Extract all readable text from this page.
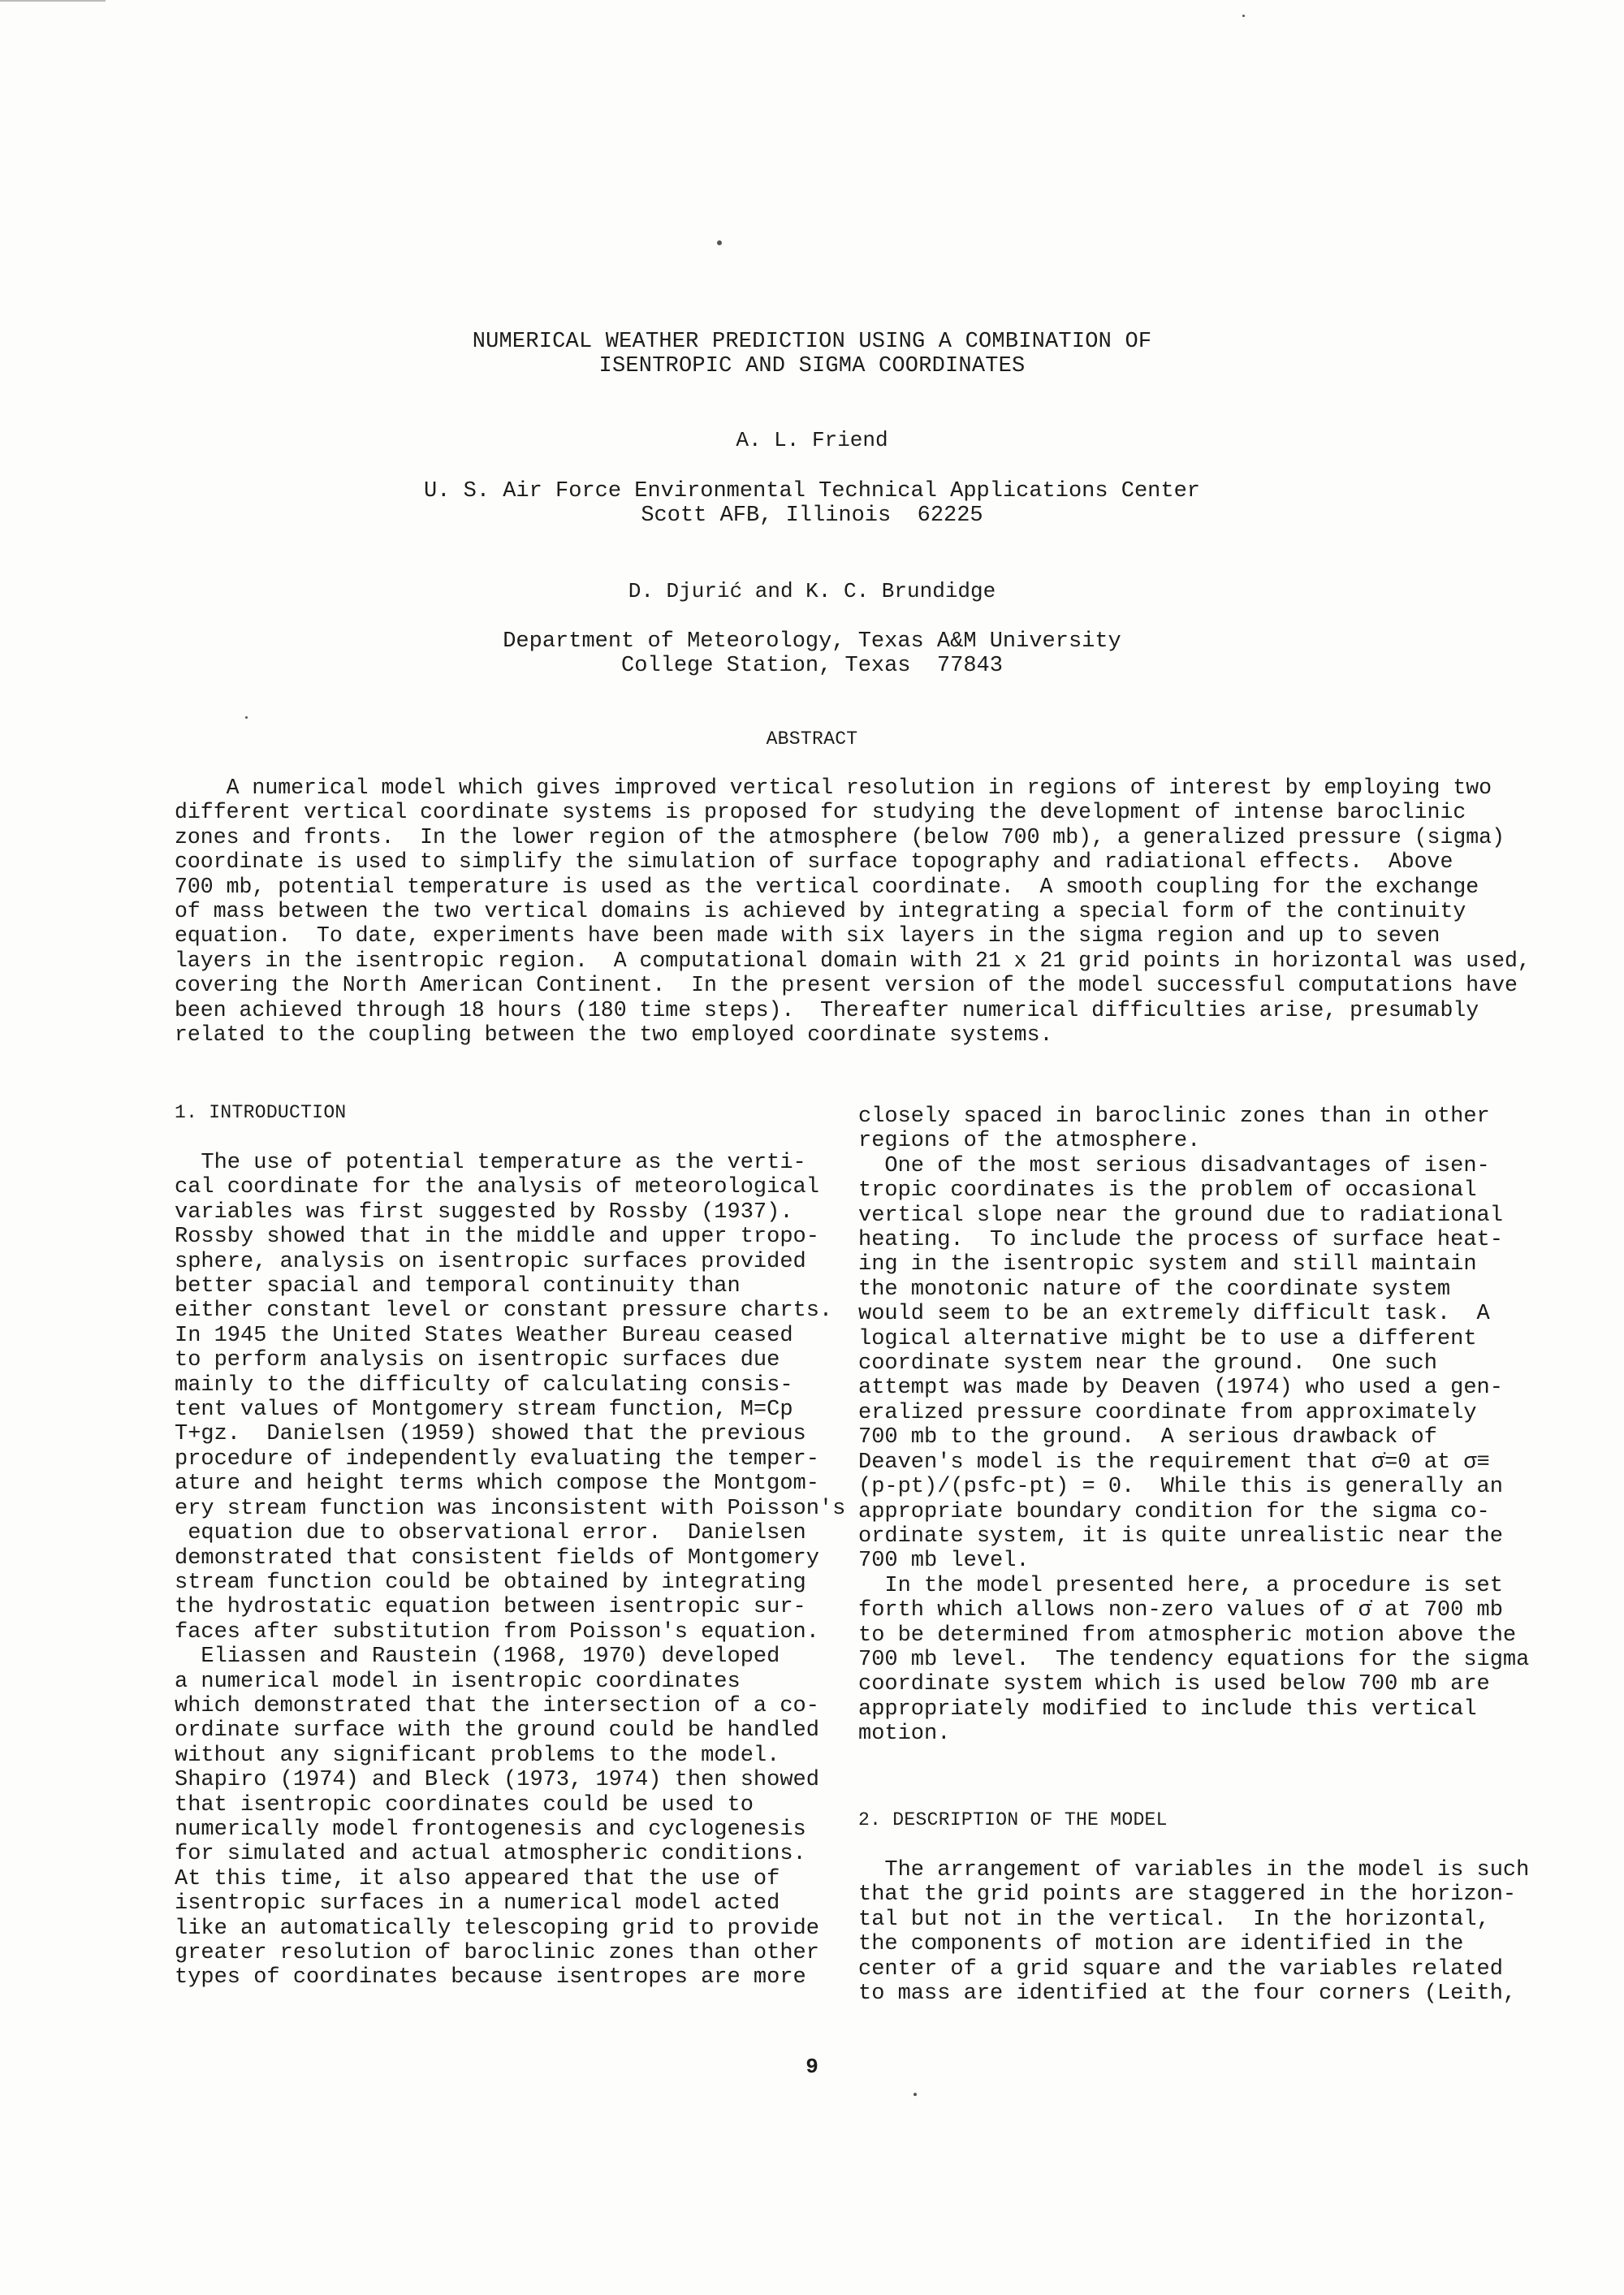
NUMERICAL WEATHER PREDICTION USING A COMBINATION OF
ISENTROPIC AND SIGMA COORDINATES
A. L. Friend
U. S. Air Force Environmental Technical Applications Center
Scott AFB, Illinois  62225
D. Djurić and K. C. Brundidge
Department of Meteorology, Texas A&M University
College Station, Texas  77843
ABSTRACT
A numerical model which gives improved vertical resolution in regions of interest by employing two
different vertical coordinate systems is proposed for studying the development of intense baroclinic
zones and fronts.  In the lower region of the atmosphere (below 700 mb), a generalized pressure (sigma)
coordinate is used to simplify the simulation of surface topography and radiational effects.  Above
700 mb, potential temperature is used as the vertical coordinate.  A smooth coupling for the exchange
of mass between the two vertical domains is achieved by integrating a special form of the continuity
equation.  To date, experiments have been made with six layers in the sigma region and up to seven
layers in the isentropic region.  A computational domain with 21 x 21 grid points in horizontal was used,
covering the North American Continent.  In the present version of the model successful computations have
been achieved through 18 hours (180 time steps).  Thereafter numerical difficulties arise, presumably
related to the coupling between the two employed coordinate systems.
1. INTRODUCTION
The use of potential temperature as the verti-
cal coordinate for the analysis of meteorological
variables was first suggested by Rossby (1937).
Rossby showed that in the middle and upper tropo-
sphere, analysis on isentropic surfaces provided
better spacial and temporal continuity than
either constant level or constant pressure charts.
In 1945 the United States Weather Bureau ceased
to perform analysis on isentropic surfaces due
mainly to the difficulty of calculating consis-
tent values of Montgomery stream function, M=Cp
T+gz.  Danielsen (1959) showed that the previous
procedure of independently evaluating the temper-
ature and height terms which compose the Montgom-
ery stream function was inconsistent with Poisson's
equation due to observational error.  Danielsen
demonstrated that consistent fields of Montgomery
stream function could be obtained by integrating
the hydrostatic equation between isentropic sur-
faces after substitution from Poisson's equation.
Eliassen and Raustein (1968, 1970) developed
a numerical model in isentropic coordinates
which demonstrated that the intersection of a co-
ordinate surface with the ground could be handled
without any significant problems to the model.
Shapiro (1974) and Bleck (1973, 1974) then showed
that isentropic coordinates could be used to
numerically model frontogenesis and cyclogenesis
for simulated and actual atmospheric conditions.
At this time, it also appeared that the use of
isentropic surfaces in a numerical model acted
like an automatically telescoping grid to provide
greater resolution of baroclinic zones than other
types of coordinates because isentropes are more
closely spaced in baroclinic zones than in other
regions of the atmosphere.
One of the most serious disadvantages of isen-
tropic coordinates is the problem of occasional
vertical slope near the ground due to radiational
heating.  To include the process of surface heat-
ing in the isentropic system and still maintain
the monotonic nature of the coordinate system
would seem to be an extremely difficult task.  A
logical alternative might be to use a different
coordinate system near the ground.  One such
attempt was made by Deaven (1974) who used a gen-
eralized pressure coordinate from approximately
700 mb to the ground.  A serious drawback of
Deaven's model is the requirement that σ̇=0 at σ≡
(p-pt)/(psfc-pt) = 0.  While this is generally an
appropriate boundary condition for the sigma co-
ordinate system, it is quite unrealistic near the
700 mb level.
In the model presented here, a procedure is set
forth which allows non-zero values of σ̇ at 700 mb
to be determined from atmospheric motion above the
700 mb level.  The tendency equations for the sigma
coordinate system which is used below 700 mb are
appropriately modified to include this vertical
motion.
2. DESCRIPTION OF THE MODEL
The arrangement of variables in the model is such
that the grid points are staggered in the horizon-
tal but not in the vertical.  In the horizontal,
the components of motion are identified in the
center of a grid square and the variables related
to mass are identified at the four corners (Leith,
9
